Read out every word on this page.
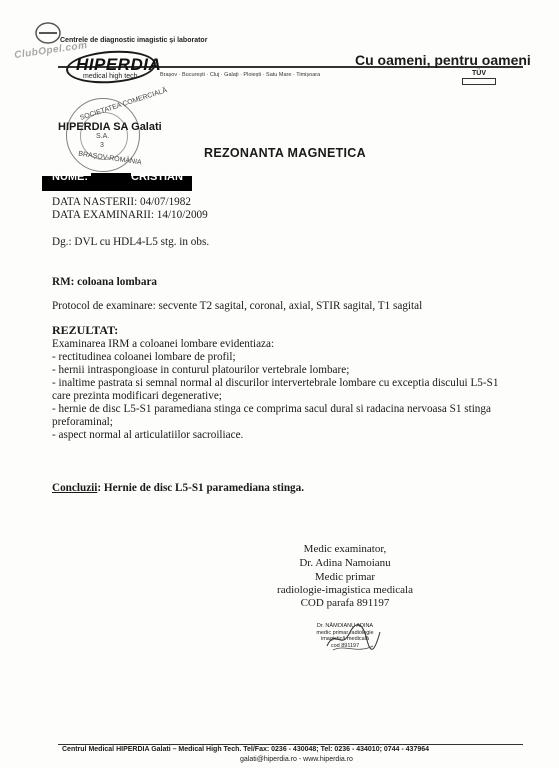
ClubOpel.com
Centrele de diagnostic imagistic și laborator
HIPERDIA
medical high tech	Brașov · București · Cluj · Galați · Ploiești · Satu Mare · Timișoara
Cu oameni, pentru oameni
TÜV
SOCIETATEA COMERCIALĂ
S.A.
3
BRAȘOV-ROMÂNIA
HIPERDIA SA Galati
REZONANTA MAGNETICA
NUME:	CRISTIAN
DATA NASTERII: 04/07/1982
DATA EXAMINARII: 14/10/2009
Dg.: DVL cu HDL4-L5 stg. in obs.
RM: coloana lombara
Protocol de examinare: secvente T2 sagital, coronal, axial, STIR sagital, T1 sagital
REZULTAT:
Examinarea IRM a coloanei lombare evidentiaza:
- rectitudinea coloanei lombare de profil;
- hernii intraspongioase in conturul platourilor vertebrale lombare;
- inaltime pastrata si semnal normal al discurilor intervertebrale lombare cu exceptia discului L5-S1
care prezinta modificari degenerative;
- hernie de disc L5-S1 paramediana stinga ce comprima sacul dural si radacina nervoasa S1 stinga
preforaminal;
- aspect normal al articulatiilor sacroiliace.
Concluzii: Hernie de disc L5-S1 paramediana stinga.
Medic examinator,
Dr. Adina Namoianu
Medic primar
radiologie-imagistica medicala
COD parafa 891197
Dr. NĂMOIANU ADINA
medic primar radiologie
imagistică medicală
cod 891197
Centrul Medical HIPERDIA Galati – Medical High Tech. Tel/Fax: 0236 - 430048; Tel: 0236 - 434010; 0744 - 437964
galati@hiperdia.ro - www.hiperdia.ro
